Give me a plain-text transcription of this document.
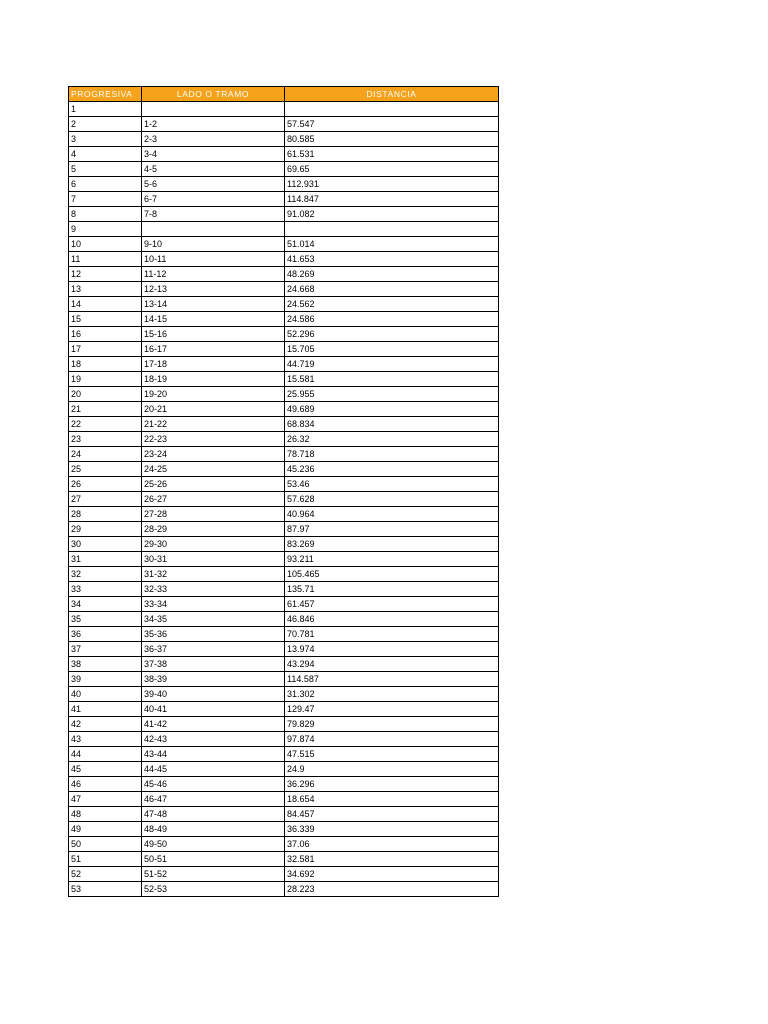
PROGRESIVA	LADO O TRAMO	DISTANCIA
1		
2	1-2	57.547
3	2-3	80.585
4	3-4	61.531
5	4-5	69.65
6	5-6	112.931
7	6-7	114.847
8	7-8	91.082
9		
10	9-10	51.014
11	10-11	41.653
12	11-12	48.269
13	12-13	24.668
14	13-14	24.562
15	14-15	24.586
16	15-16	52.296
17	16-17	15.705
18	17-18	44.719
19	18-19	15.581
20	19-20	25.955
21	20-21	49.689
22	21-22	68.834
23	22-23	26.32
24	23-24	78.718
25	24-25	45.236
26	25-26	53.46
27	26-27	57.628
28	27-28	40.964
29	28-29	87.97
30	29-30	83.269
31	30-31	93.211
32	31-32	105.465
33	32-33	135.71
34	33-34	61.457
35	34-35	46.846
36	35-36	70.781
37	36-37	13.974
38	37-38	43.294
39	38-39	114.587
40	39-40	31.302
41	40-41	129.47
42	41-42	79.829
43	42-43	97.874
44	43-44	47.515
45	44-45	24.9
46	45-46	36.296
47	46-47	18.654
48	47-48	84.457
49	48-49	36.339
50	49-50	37.06
51	50-51	32.581
52	51-52	34.692
53	52-53	28.223
